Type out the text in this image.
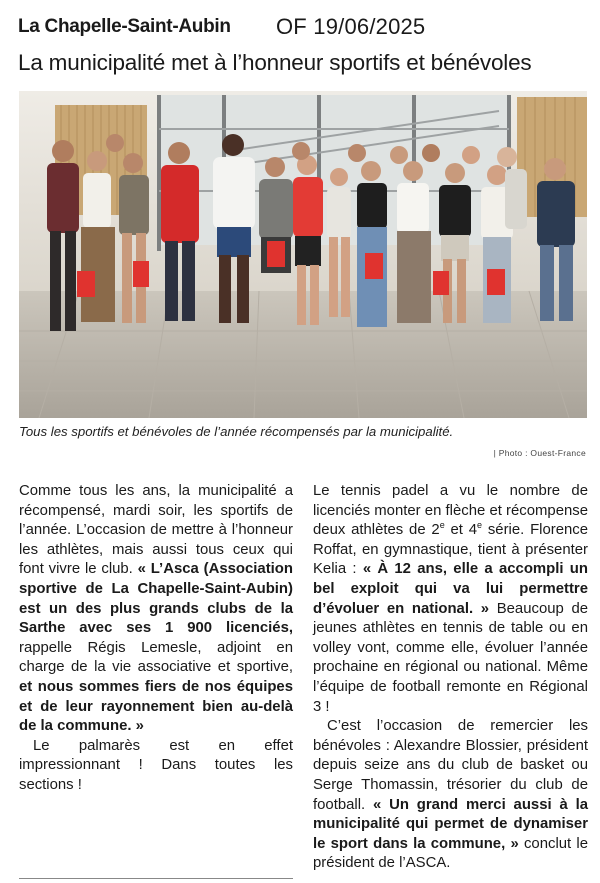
La Chapelle-Saint-Aubin OF 19/06/2025
La municipalité met à l’honneur sportifs et bénévoles
Tous les sportifs et bénévoles de l’année récompensés par la municipalité.
| Photo : Ouest-France

Comme tous les ans, la municipalité a récompensé, mardi soir, les sportifs de l’année. L’occasion de mettre à l’honneur les athlètes, mais aussi tous ceux qui font vivre le club. « L’Asca (Association sportive de La Chapelle-Saint-Aubin) est un des plus grands clubs de la Sarthe avec ses 1 900 licenciés, rappelle Régis Lemesle, adjoint en charge de la vie associative et sportive, et nous sommes fiers de nos équipes et de leur rayonnement bien au-delà de la commune. »

Le palmarès est en effet impressionnant ! Dans toutes les sections !

Le tennis padel a vu le nombre de licenciés monter en flèche et récompense deux athlètes de 2e et 4e série. Florence Roffat, en gymnastique, tient à présenter Kelia : « À 12 ans, elle a accompli un bel exploit qui va lui permettre d’évoluer en national. » Beaucoup de jeunes athlètes en tennis de table ou en volley vont, comme elle, évoluer l’année prochaine en régional ou national. Même l’équipe de football remonte en Régional 3 !

C’est l’occasion de remercier les bénévoles : Alexandre Blossier, président depuis seize ans du club de basket ou Serge Thomassin, trésorier du club de football. « Un grand merci aussi à la municipalité qui permet de dynamiser le sport dans la commune, » conclut le président de l’ASCA.
